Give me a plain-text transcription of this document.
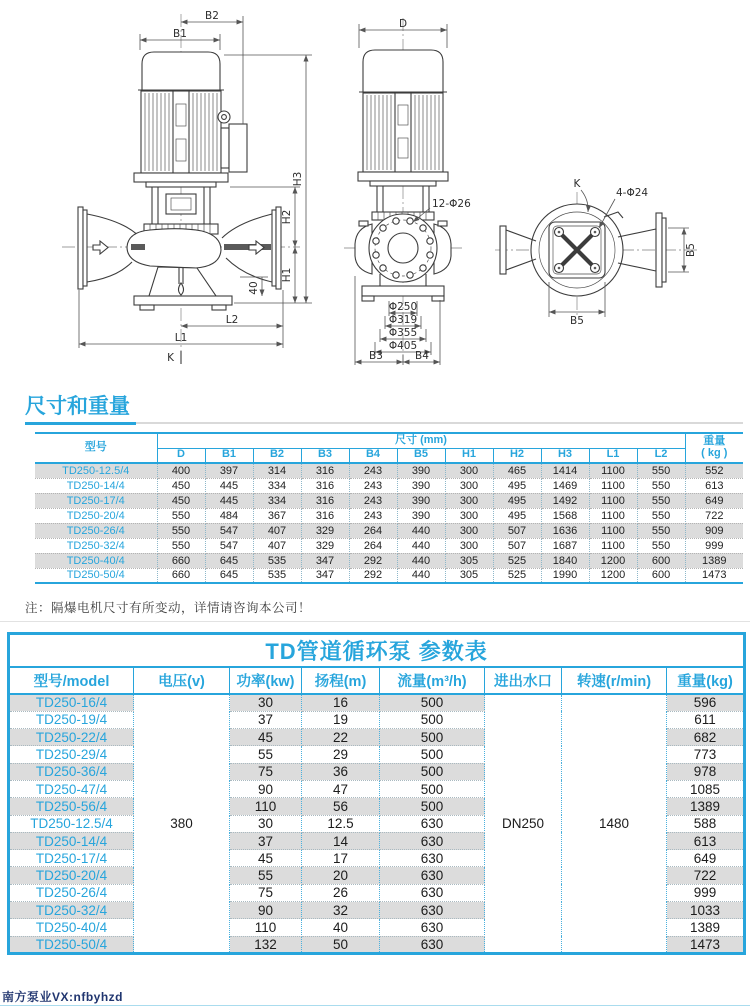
B2
B1
H3
H2
H1
40
L2
L1
K
D
12-Φ26
Φ250
Φ319
Φ355
Φ405
B3	B4
K
4-Φ24
B5
B5
尺寸和重量
型号	尺寸 (mm)											重量
( kg )
	D	B1	B2	B3	B4	B5	H1	H2	H3	L1	L2	
TD250-12.5/4	400	397	314	316	243	390	300	465	1414	1100	550	552
TD250-14/4	450	445	334	316	243	390	300	495	1469	1100	550	613
TD250-17/4	450	445	334	316	243	390	300	495	1492	1100	550	649
TD250-20/4	550	484	367	316	243	390	300	495	1568	1100	550	722
TD250-26/4	550	547	407	329	264	440	300	507	1636	1100	550	909
TD250-32/4	550	547	407	329	264	440	300	507	1687	1100	550	999
TD250-40/4	660	645	535	347	292	440	305	525	1840	1200	600	1389
TD250-50/4	660	645	535	347	292	440	305	525	1990	1200	600	1473
注：隔爆电机尺寸有所变动，详情请咨询本公司！
TD管道循环泵 参数表							
型号/model	电压(v)	功率(kw)	扬程(m)	流量(m³/h)	进出水口	转速(r/min)	重量(kg)
TD250-16/4	380	30	16	500	DN250	1480	596
TD250-19/4		37	19	500			611
TD250-22/4		45	22	500			682
TD250-29/4		55	29	500			773
TD250-36/4		75	36	500			978
TD250-47/4		90	47	500			1085
TD250-56/4		110	56	500			1389
TD250-12.5/4		30	12.5	630			588
TD250-14/4		37	14	630			613
TD250-17/4		45	17	630			649
TD250-20/4		55	20	630			722
TD250-26/4		75	26	630			999
TD250-32/4		90	32	630			1033
TD250-40/4		110	40	630			1389
TD250-50/4		132	50	630			1473
南方泵业VX:nfbyhzd
